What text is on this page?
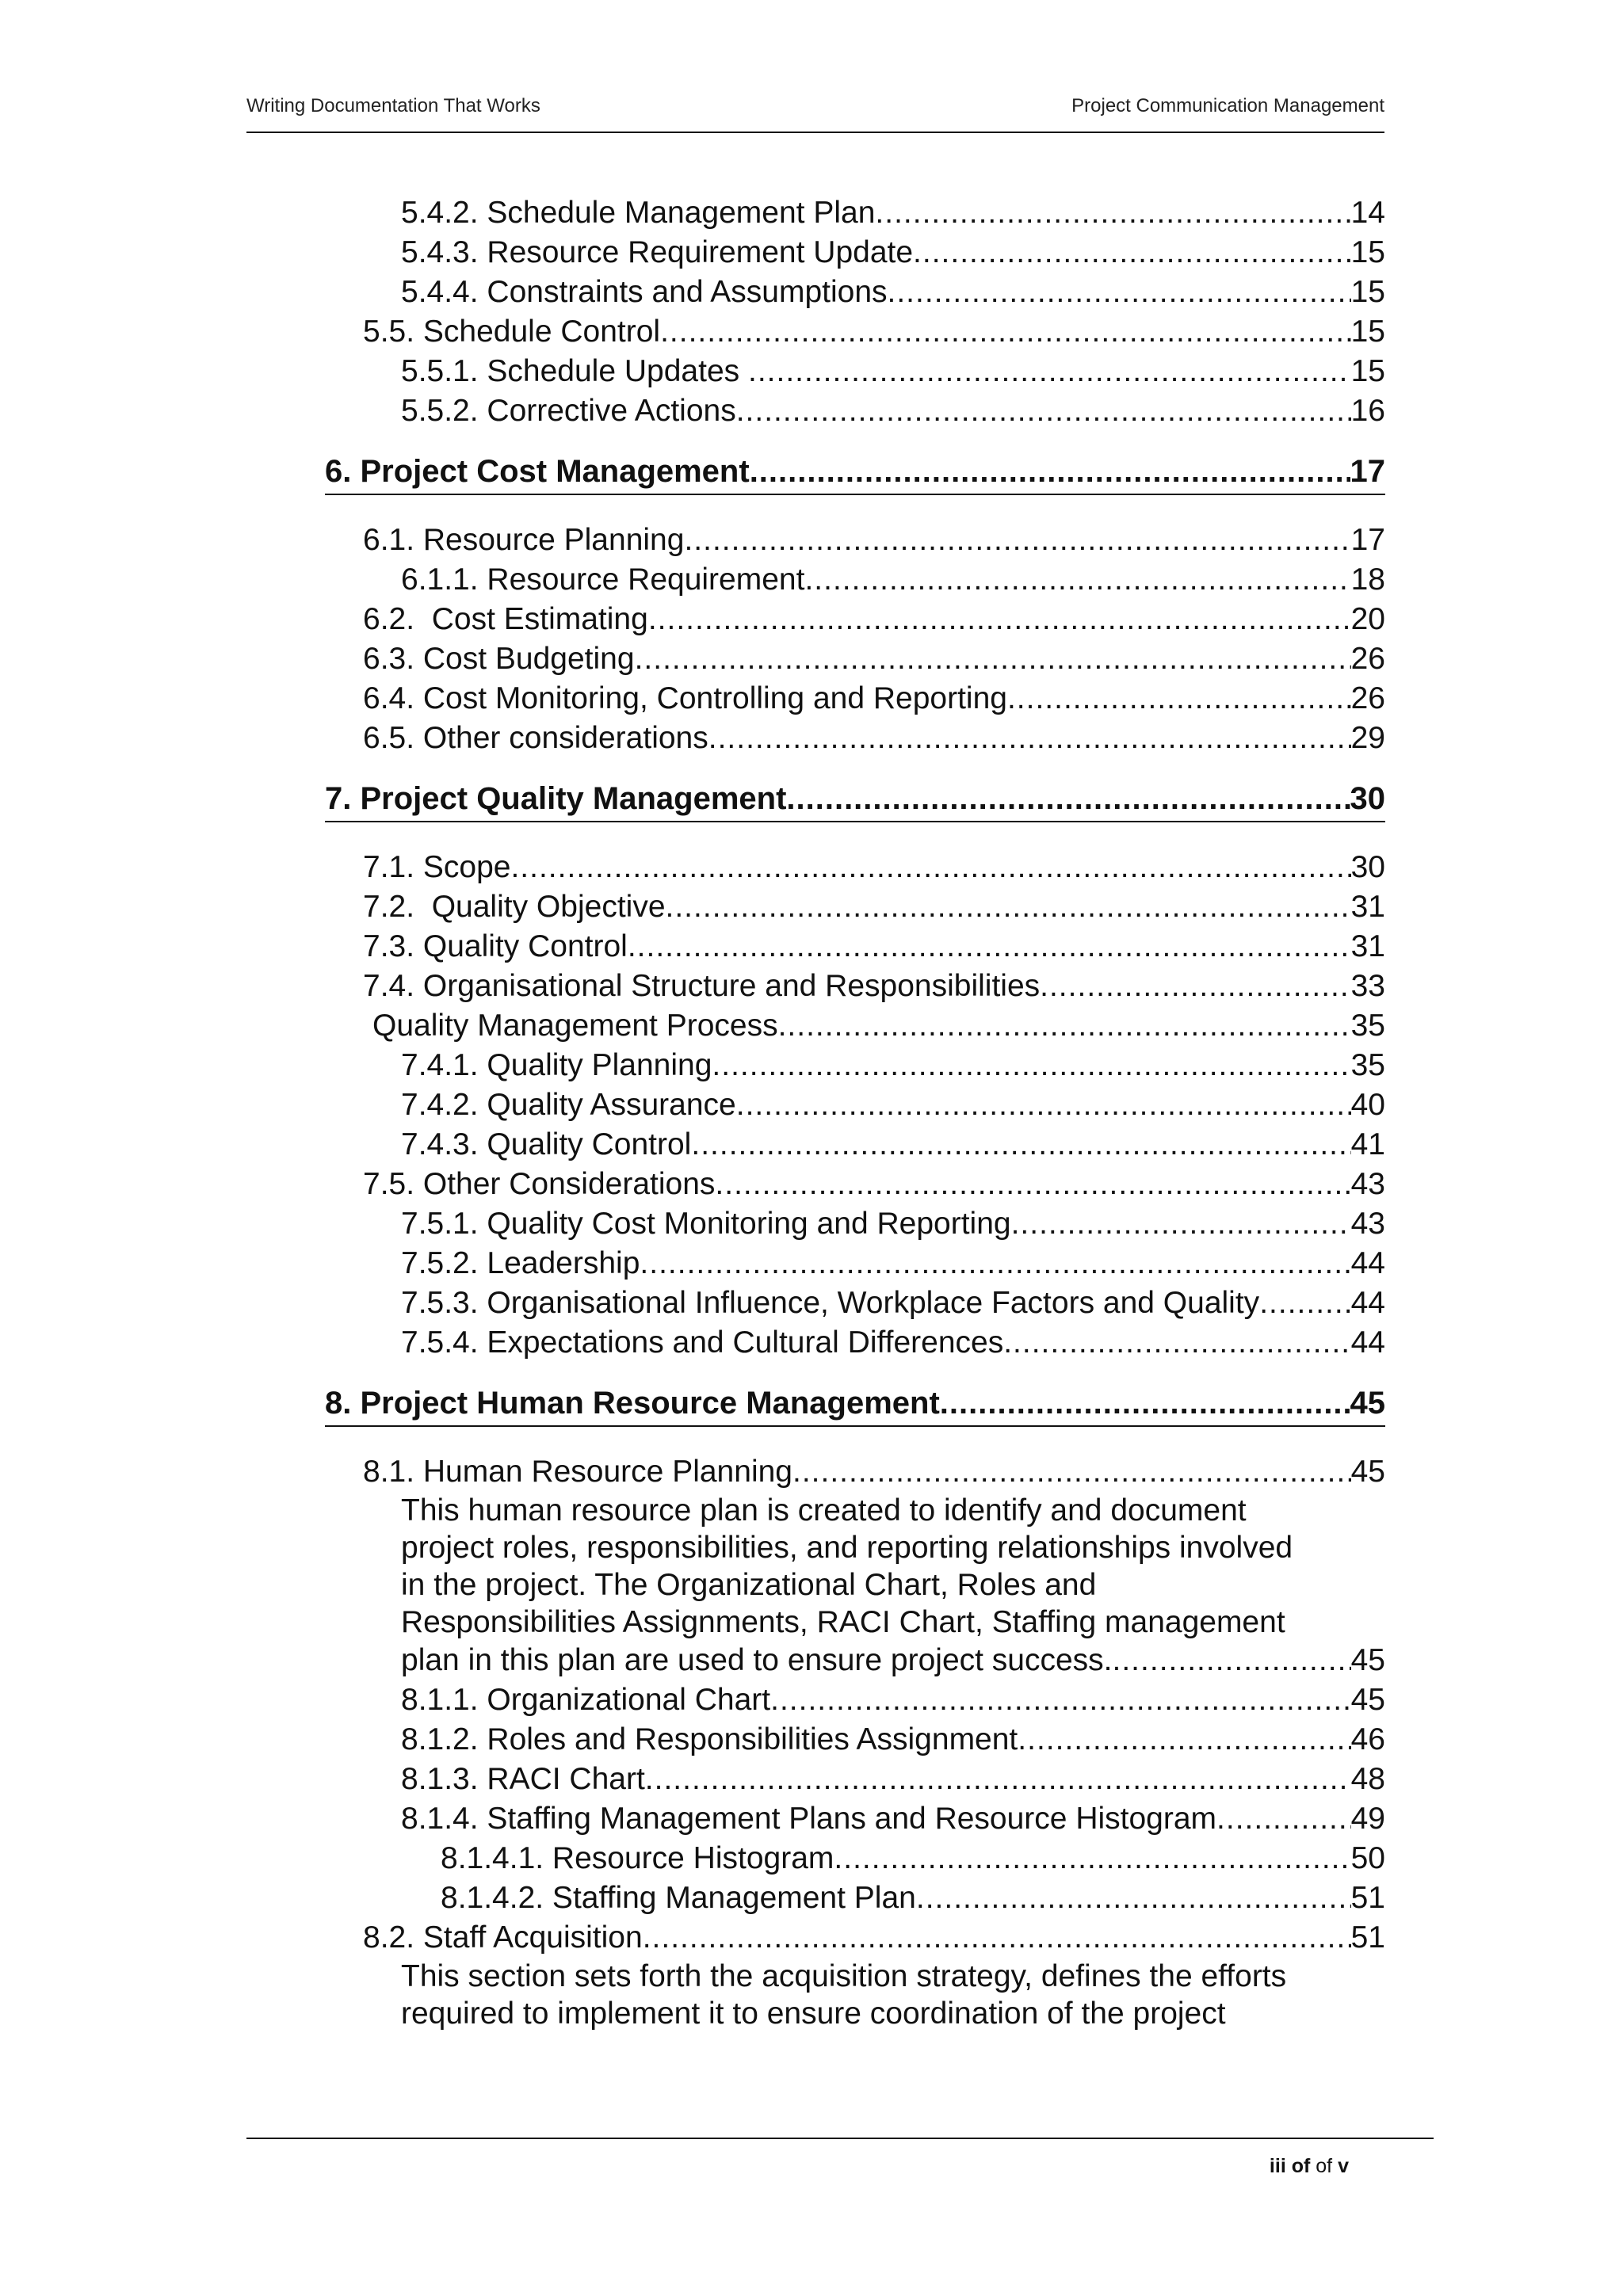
Writing Documentation That Works	Project Communication Management
5.4.2. Schedule Management Plan .....	14
5.4.3. Resource Requirement Update .....	15
5.4.4. Constraints and Assumptions .....	15
5.5. Schedule Control .....	15
5.5.1. Schedule Updates .....	15
5.5.2. Corrective Actions .....	16
6. Project Cost Management .....	17
6.1. Resource Planning .....	17
6.1.1. Resource Requirement .....	18
6.2.  Cost Estimating .....	20
6.3. Cost Budgeting .....	26
6.4. Cost Monitoring, Controlling and Reporting .....	26
6.5. Other considerations .....	29
7. Project Quality Management .....	30
7.1. Scope .....	30
7.2.  Quality Objective .....	31
7.3. Quality Control .....	31
7.4. Organisational Structure and Responsibilities .....	33
Quality Management Process .....	35
7.4.1. Quality Planning .....	35
7.4.2. Quality Assurance .....	40
7.4.3. Quality Control .....	41
7.5. Other Considerations .....	43
7.5.1. Quality Cost Monitoring and Reporting .....	43
7.5.2. Leadership .....	44
7.5.3. Organisational Influence, Workplace Factors and Quality .....	44
7.5.4. Expectations and Cultural Differences .....	44
8. Project Human Resource Management .....	45
8.1. Human Resource Planning .....	45
This human resource plan is created to identify and document
project roles, responsibilities, and reporting relationships involved
in the project. The Organizational Chart, Roles and
Responsibilities Assignments, RACI Chart, Staffing management
plan in this plan are used to ensure project success. .....	45
8.1.1. Organizational Chart .....	45
8.1.2. Roles and Responsibilities Assignment .....	46
8.1.3. RACI Chart .....	48
8.1.4. Staffing Management Plans and Resource Histogram .....	49
8.1.4.1. Resource Histogram .....	50
8.1.4.2. Staffing Management Plan .....	51
8.2. Staff Acquisition .....	51
This section sets forth the acquisition strategy, defines the efforts
required to implement it to ensure coordination of the project
iii of of v
